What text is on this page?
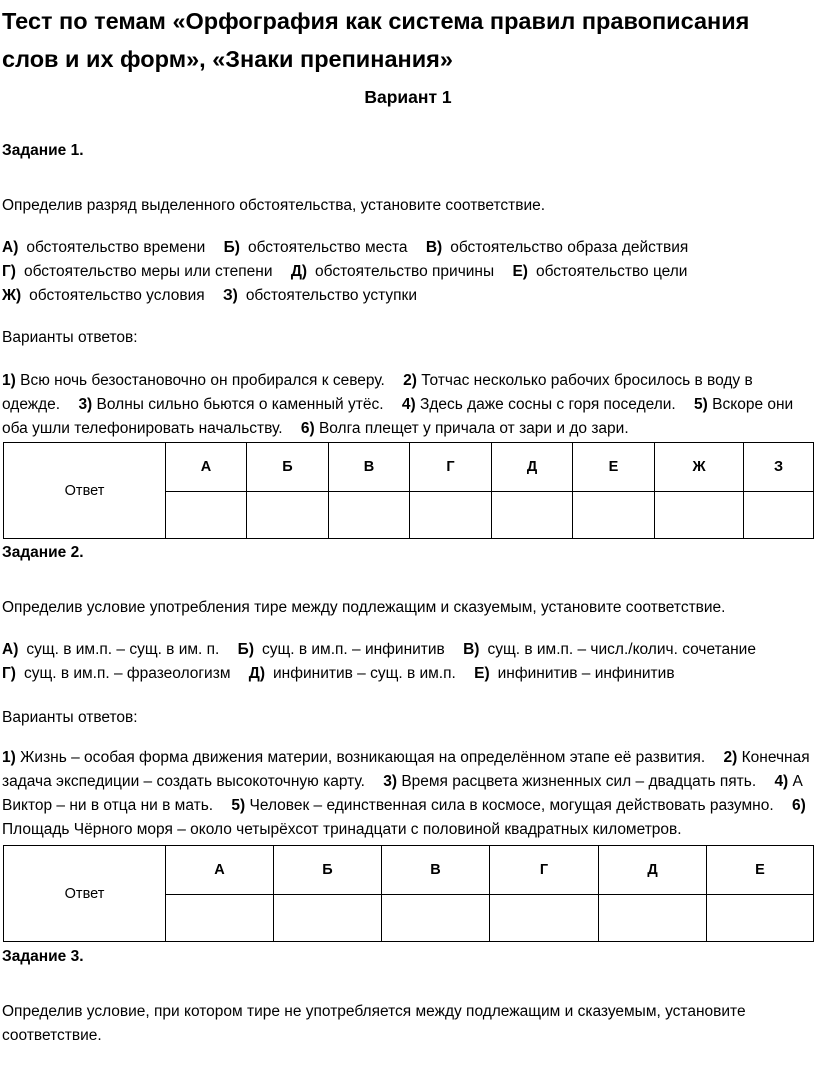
Тест по темам «Орфография как система правил правописания слов и их форм», «Знаки препинания»
Вариант 1

Задание 1.

Определив разряд выделенного обстоятельства, установите соответствие.

А) обстоятельство времени Б) обстоятельство места В) обстоятельство образа действия Г) обстоятельство меры или степени Д) обстоятельство причины Е) обстоятельство цели Ж) обстоятельство условия З) обстоятельство уступки

Варианты ответов:

1) Всю ночь безостановочно он пробирался к северу. 2) Тотчас несколько рабочих бросилось в воду в одежде. 3) Волны сильно бьются о каменный утёс. 4) Здесь даже сосны с горя поседели. 5) Вскоре они оба ушли телефонировать начальству. 6) Волга плещет у причала от зари и до зари.

Ответ	А	Б	В	Г	Д	Е	Ж	З

Задание 2.

Определив условие употребления тире между подлежащим и сказуемым, установите соответствие.

А) сущ. в им.п. – сущ. в им. п. Б) сущ. в им.п. – инфинитив В) сущ. в им.п. – числ./колич. сочетание Г) сущ. в им.п. – фразеологизм Д) инфинитив – сущ. в им.п. Е) инфинитив – инфинитив

Варианты ответов:

1) Жизнь – особая форма движения материи, возникающая на определённом этапе её развития. 2) Конечная задача экспедиции – создать высокоточную карту. 3) Время расцвета жизненных сил – двадцать пять. 4) А Виктор – ни в отца ни в мать. 5) Человек – единственная сила в космосе, могущая действовать разумно. 6) Площадь Чёрного моря – около четырёхсот тринадцати с половиной квадратных километров.

Ответ	А	Б	В	Г	Д	Е

Задание 3.

Определив условие, при котором тире не употребляется между подлежащим и сказуемым, установите соответствие.
